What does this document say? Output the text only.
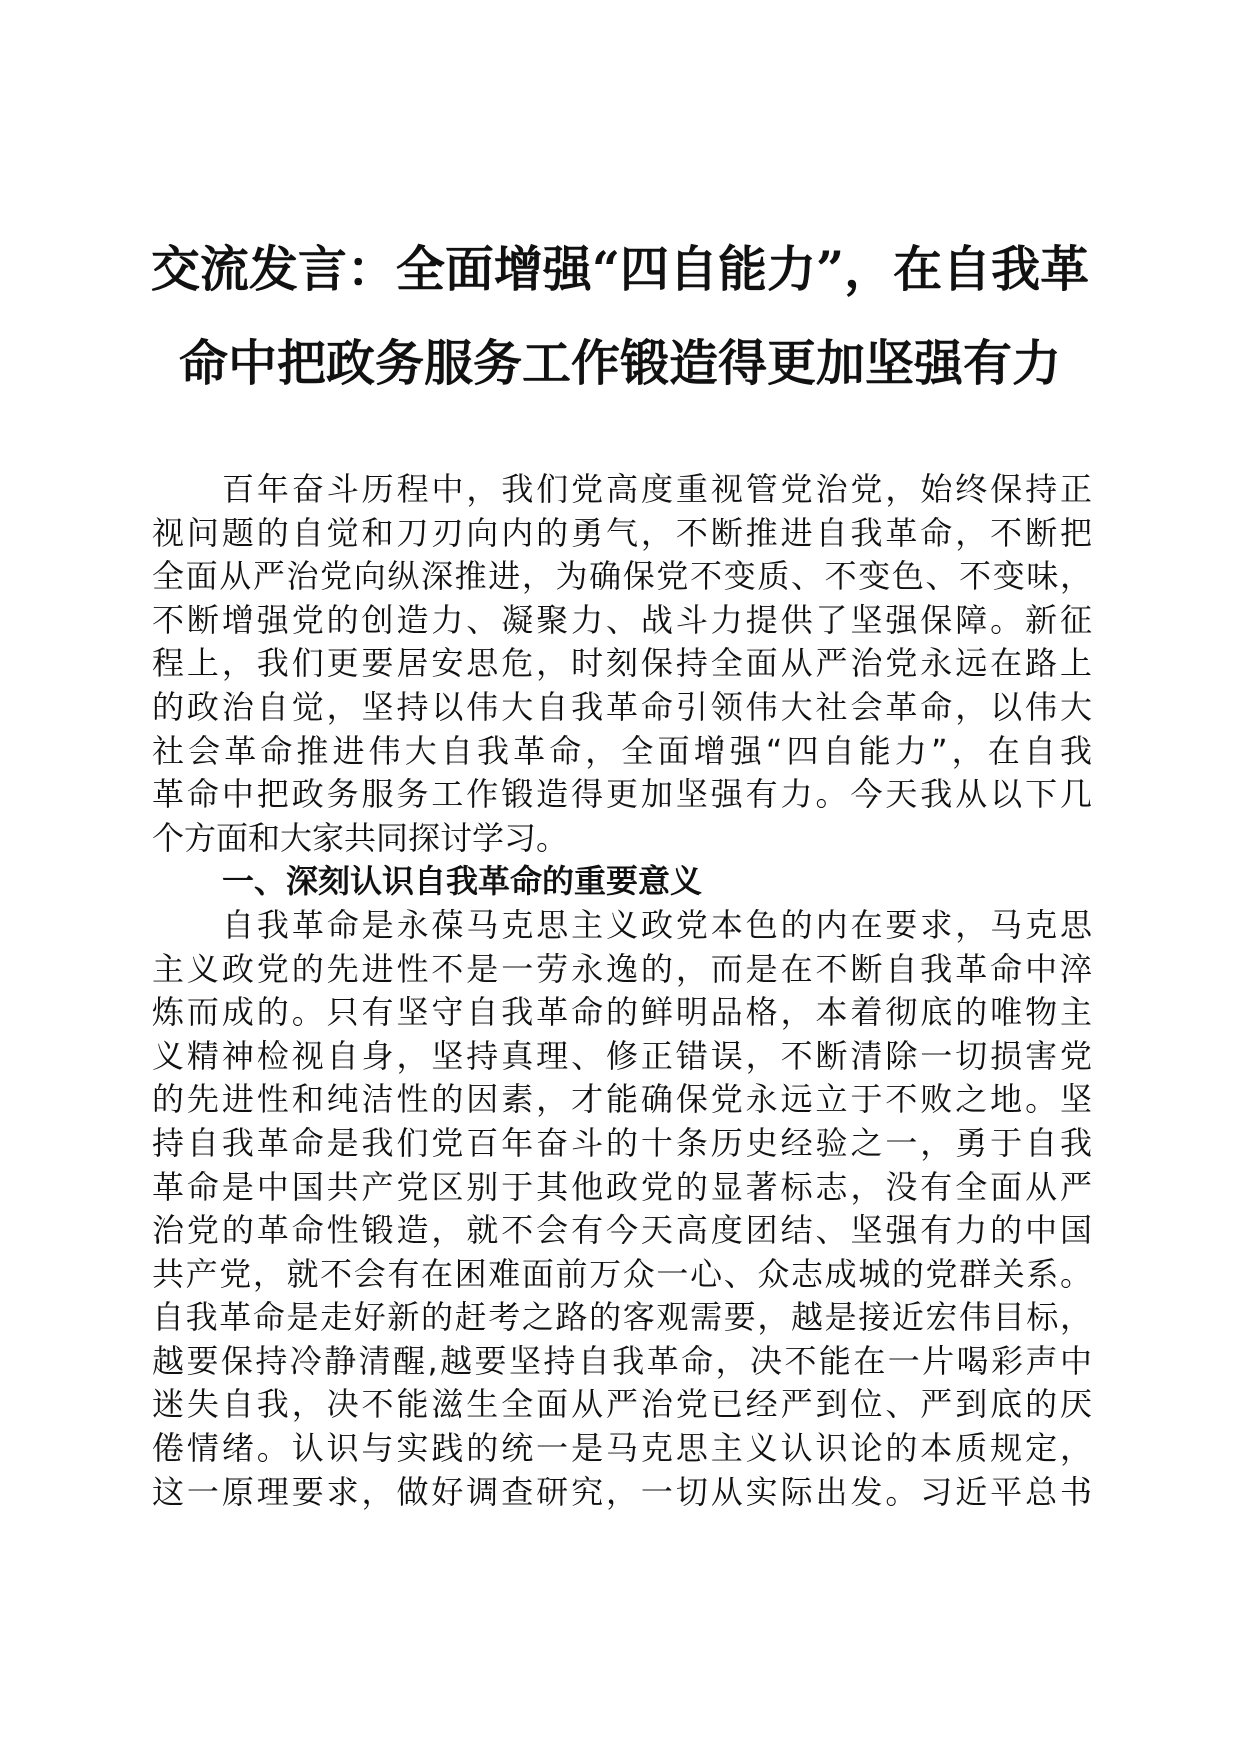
交流发言：全面增强“四自能力”，在自我革
命中把政务服务工作锻造得更加坚强有力
百年奋斗历程中，我们党高度重视管党治党，始终保持正
视问题的自觉和刀刃向内的勇气，不断推进自我革命，不断把
全面从严治党向纵深推进，为确保党不变质、不变色、不变味，
不断增强党的创造力、凝聚力、战斗力提供了坚强保障。新征
程上，我们更要居安思危，时刻保持全面从严治党永远在路上
的政治自觉，坚持以伟大自我革命引领伟大社会革命，以伟大
社会革命推进伟大自我革命，全面增强“四自能力”，在自我
革命中把政务服务工作锻造得更加坚强有力。今天我从以下几
个方面和大家共同探讨学习。
一、深刻认识自我革命的重要意义
自我革命是永葆马克思主义政党本色的内在要求，马克思
主义政党的先进性不是一劳永逸的，而是在不断自我革命中淬
炼而成的。只有坚守自我革命的鲜明品格，本着彻底的唯物主
义精神检视自身，坚持真理、修正错误，不断清除一切损害党
的先进性和纯洁性的因素，才能确保党永远立于不败之地。坚
持自我革命是我们党百年奋斗的十条历史经验之一，勇于自我
革命是中国共产党区别于其他政党的显著标志，没有全面从严
治党的革命性锻造，就不会有今天高度团结、坚强有力的中国
共产党，就不会有在困难面前万众一心、众志成城的党群关系。
自我革命是走好新的赶考之路的客观需要，越是接近宏伟目标，
越要保持冷静清醒,越要坚持自我革命，决不能在一片喝彩声中
迷失自我，决不能滋生全面从严治党已经严到位、严到底的厌
倦情绪。认识与实践的统一是马克思主义认识论的本质规定，
这一原理要求，做好调查研究，一切从实际出发。习近平总书
